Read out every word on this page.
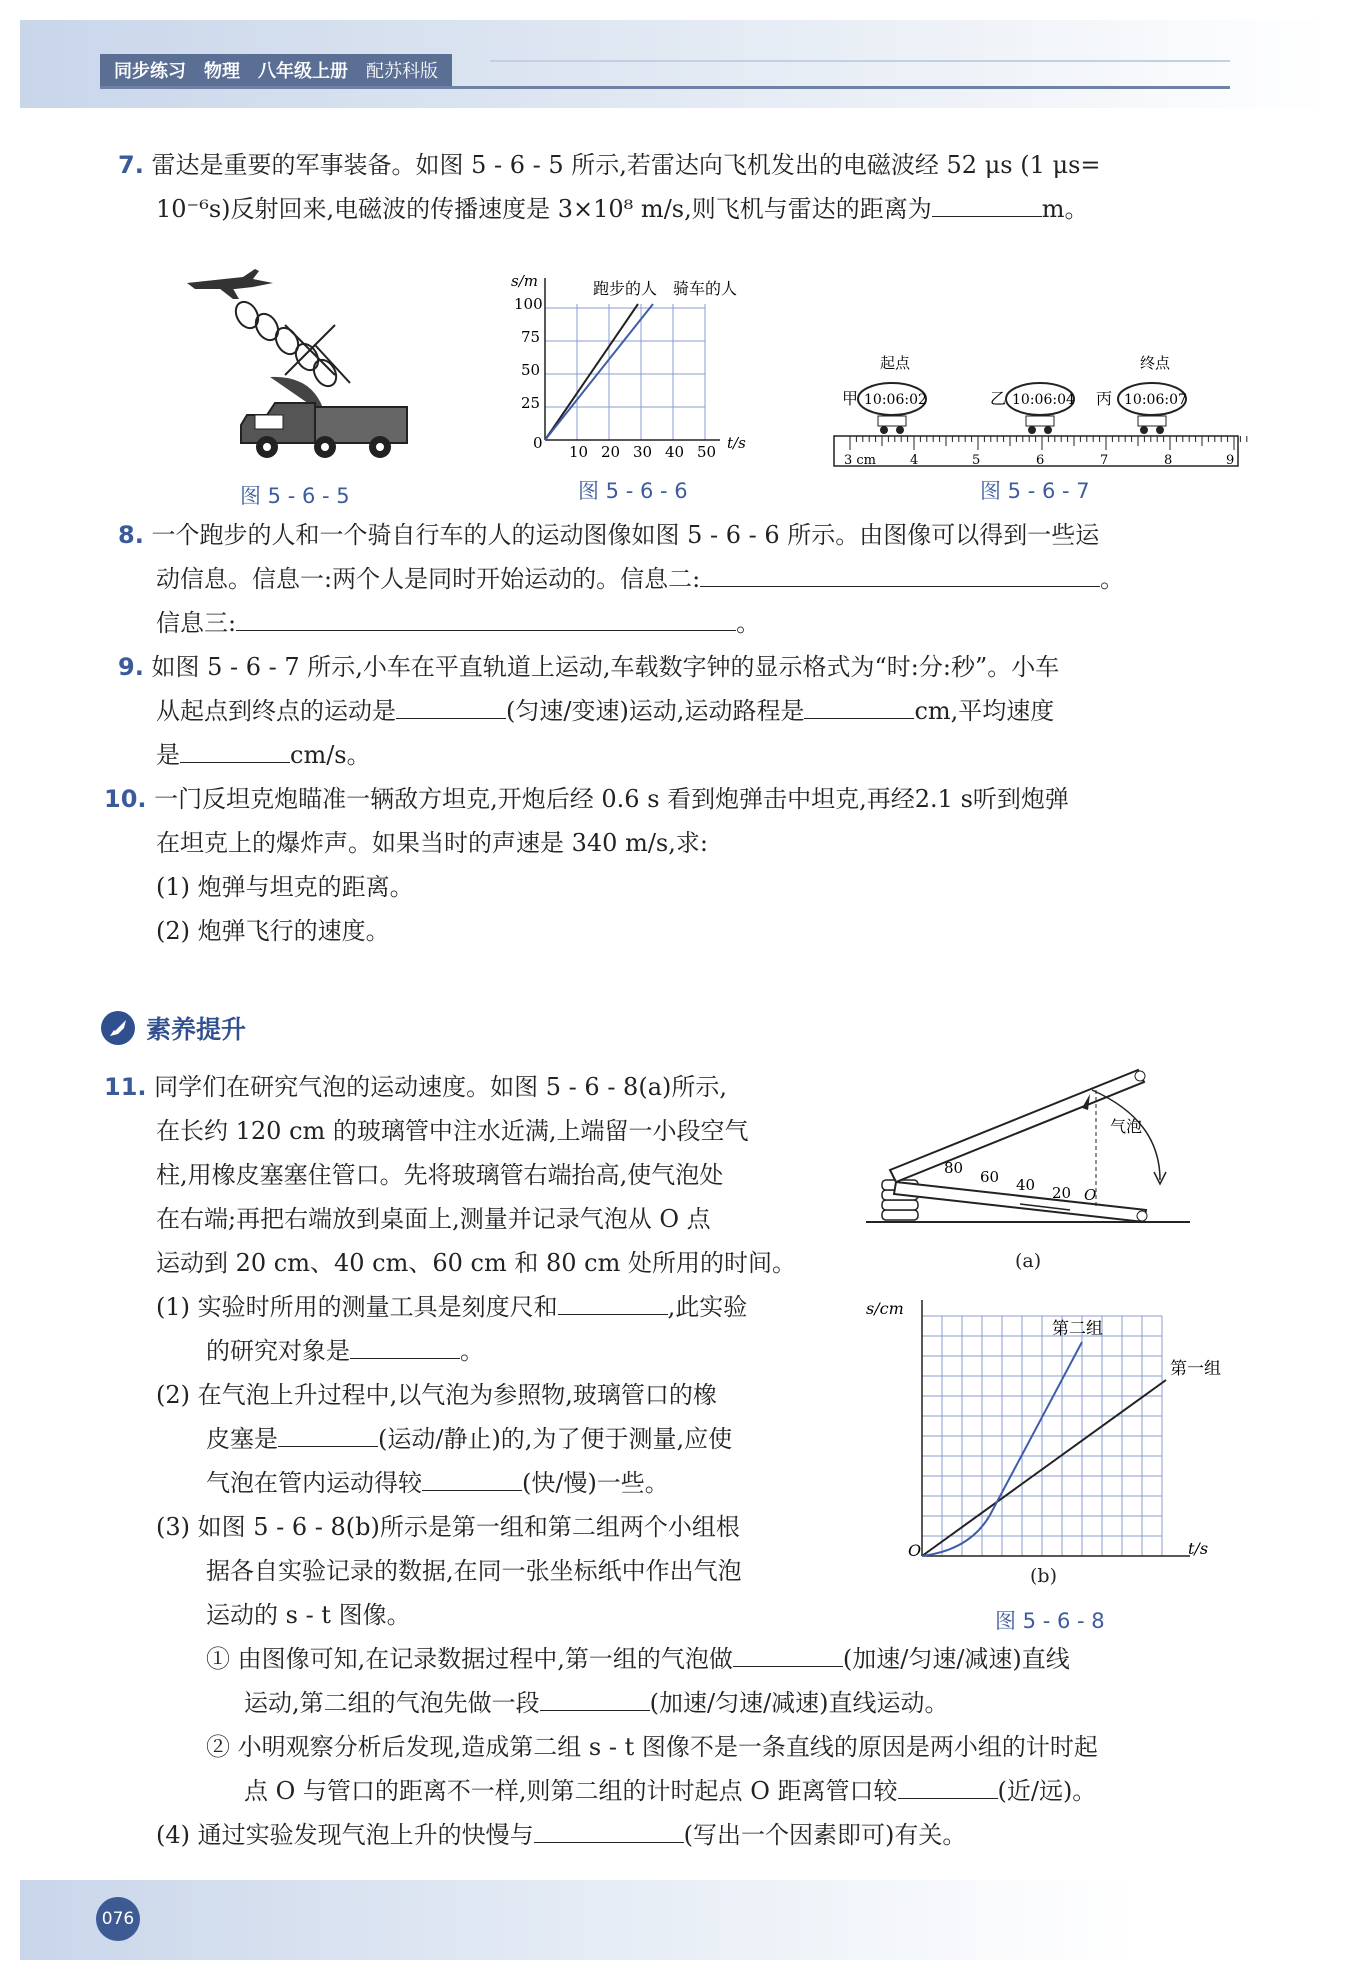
同步练习 物理 八年级上册 配苏科版
7. 雷达是重要的军事装备。如图 5 - 6 - 5 所示,若雷达向飞机发出的电磁波经 52 μs (1 μs=
10⁻⁶s)反射回来,电磁波的传播速度是 3×10⁸ m/s,则飞机与雷达的距离为	m。
图 5 - 6 - 5
s/m
t/s
0
100
75
50
25
10 20 30 40 50
跑步的人 骑车的人
图 5 - 6 - 6
起点	终点
甲 10:06:02	乙 10:06:04 丙 10:06:07
3 cm	4	5	6	7	8	9
图 5 - 6 - 7
8. 一个跑步的人和一个骑自行车的人的运动图像如图 5 - 6 - 6 所示。由图像可以得到一些运
动信息。信息一:两个人是同时开始运动的。信息二:	。
信息三:	。
9. 如图 5 - 6 - 7 所示,小车在平直轨道上运动,车载数字钟的显示格式为“时:分:秒”。小车
从起点到终点的运动是	(匀速/变速)运动,运动路程是	cm,平均速度
是	cm/s。
10. 一门反坦克炮瞄准一辆敌方坦克,开炮后经 0.6 s 看到炮弹击中坦克,再经2.1 s听到炮弹
在坦克上的爆炸声。如果当时的声速是 340 m/s,求:
(1) 炮弹与坦克的距离。
(2) 炮弹飞行的速度。
素养提升
11. 同学们在研究气泡的运动速度。如图 5 - 6 - 8(a)所示,
在长约 120 cm 的玻璃管中注水近满,上端留一小段空气
柱,用橡皮塞塞住管口。先将玻璃管右端抬高,使气泡处
在右端;再把右端放到桌面上,测量并记录气泡从 O 点
运动到 20 cm、40 cm、60 cm 和 80 cm 处所用的时间。
(1) 实验时所用的测量工具是刻度尺和	,此实验
的研究对象是	。
(2) 在气泡上升过程中,以气泡为参照物,玻璃管口的橡
皮塞是	(运动/静止)的,为了便于测量,应使
气泡在管内运动得较	(快/慢)一些。
(3) 如图 5 - 6 - 8(b)所示是第一组和第二组两个小组根
据各自实验记录的数据,在同一张坐标纸中作出气泡
运动的 s - t 图像。
① 由图像可知,在记录数据过程中,第一组的气泡做	(加速/匀速/减速)直线
运动,第二组的气泡先做一段	(加速/匀速/减速)直线运动。
② 小明观察分析后发现,造成第二组 s - t 图像不是一条直线的原因是两小组的计时起
点 O 与管口的距离不一样,则第二组的计时起点 O 距离管口较	(近/远)。
(4) 通过实验发现气泡上升的快慢与	(写出一个因素即可)有关。
气泡
80 60 40 20 O
(a)
s/cm
t/s
O
第一组
第二组
(b)
图 5 - 6 - 8
076
